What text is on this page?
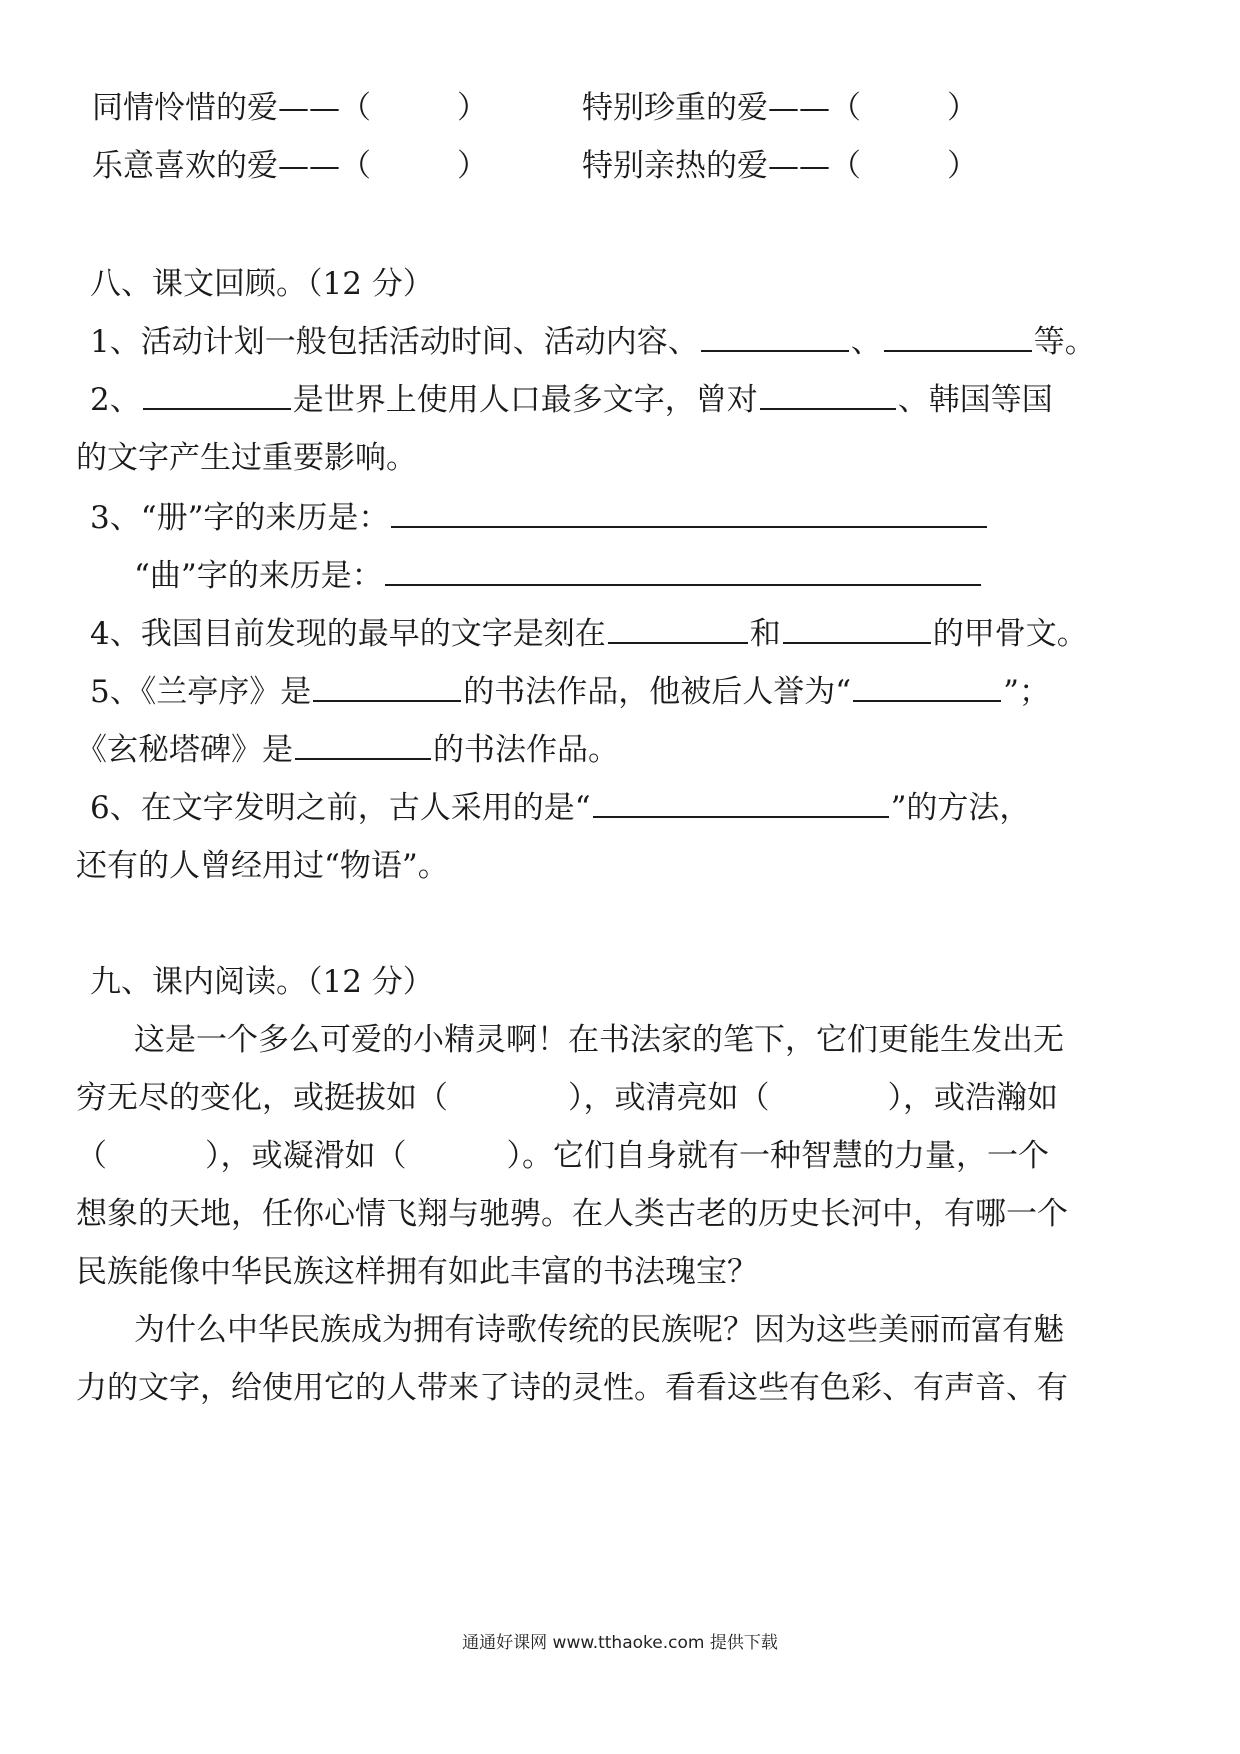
同情怜惜的爱——（	）	特别珍重的爱——（	）
乐意喜欢的爱——（	）	特别亲热的爱——（	）
八、课文回顾。（12 分）
1、活动计划一般包括活动时间、活动内容、	、	等。
2、	是世界上使用人口最多文字，曾对	、韩国等国
的文字产生过重要影响。
3、“册”字的来历是：
“曲”字的来历是：
4、我国目前发现的最早的文字是刻在	和	的甲骨文。
5、《兰亭序》是	的书法作品，他被后人誉为“	”；
《玄秘塔碑》是	的书法作品。
6、在文字发明之前，古人采用的是“	”的方法，
还有的人曾经用过“物语”。
九、课内阅读。（12 分）
这是一个多么可爱的小精灵啊！在书法家的笔下，它们更能生发出无
穷无尽的变化，或挺拔如（	），或清亮如（	），或浩瀚如
（	），或凝滑如（	）。它们自身就有一种智慧的力量，一个
想象的天地，任你心情飞翔与驰骋。在人类古老的历史长河中，有哪一个
民族能像中华民族这样拥有如此丰富的书法瑰宝？
为什么中华民族成为拥有诗歌传统的民族呢？因为这些美丽而富有魅
力的文字，给使用它的人带来了诗的灵性。看看这些有色彩、有声音、有
通通好课网 www.tthaoke.com 提供下载
